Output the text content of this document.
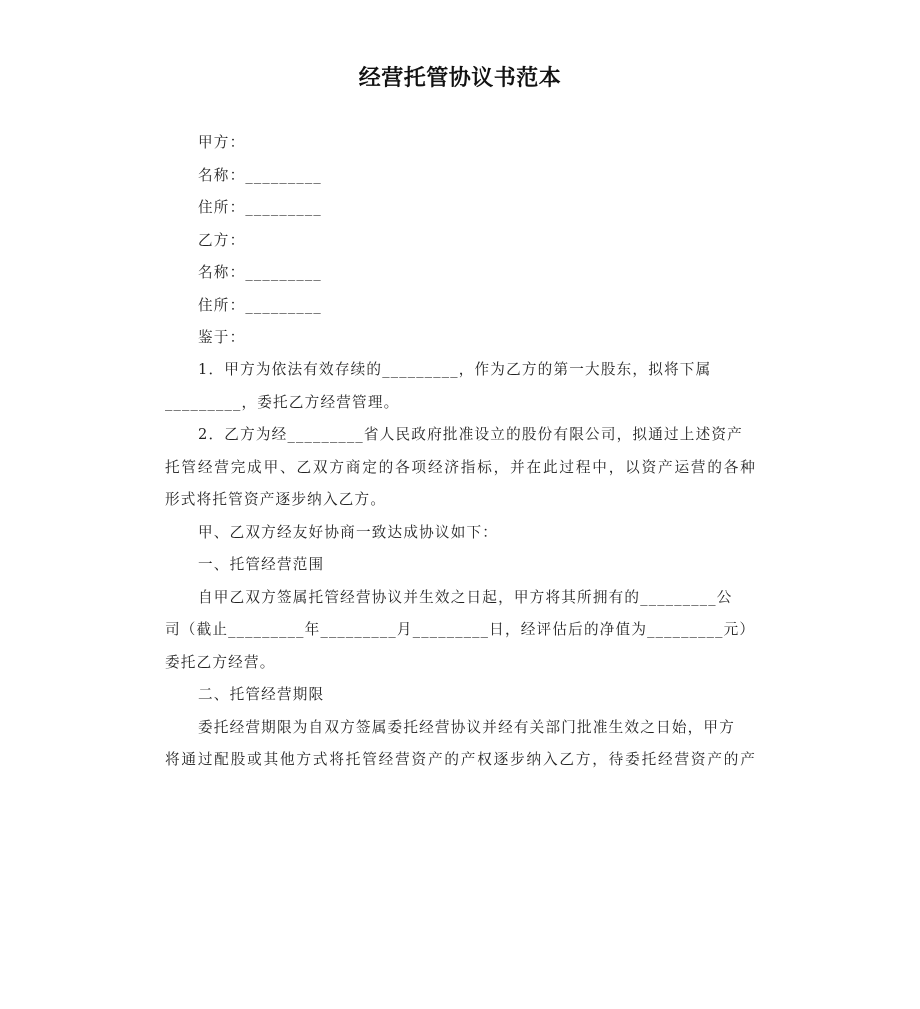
经营托管协议书范本
甲方：
名称：_________
住所：_________
乙方：
名称：_________
住所：_________
鉴于：
1．甲方为依法有效存续的_________，作为乙方的第一大股东，拟将下属
_________，委托乙方经营管理。
2．乙方为经_________省人民政府批准设立的股份有限公司，拟通过上述资产
托管经营完成甲、乙双方商定的各项经济指标，并在此过程中，以资产运营的各种
形式将托管资产逐步纳入乙方。
甲、乙双方经友好协商一致达成协议如下：
一、托管经营范围
自甲乙双方签属托管经营协议并生效之日起，甲方将其所拥有的_________公
司（截止_________年_________月_________日，经评估后的净值为_________元）
委托乙方经营。
二、托管经营期限
委托经营期限为自双方签属委托经营协议并经有关部门批准生效之日始，甲方
将通过配股或其他方式将托管经营资产的产权逐步纳入乙方，待委托经营资产的产
